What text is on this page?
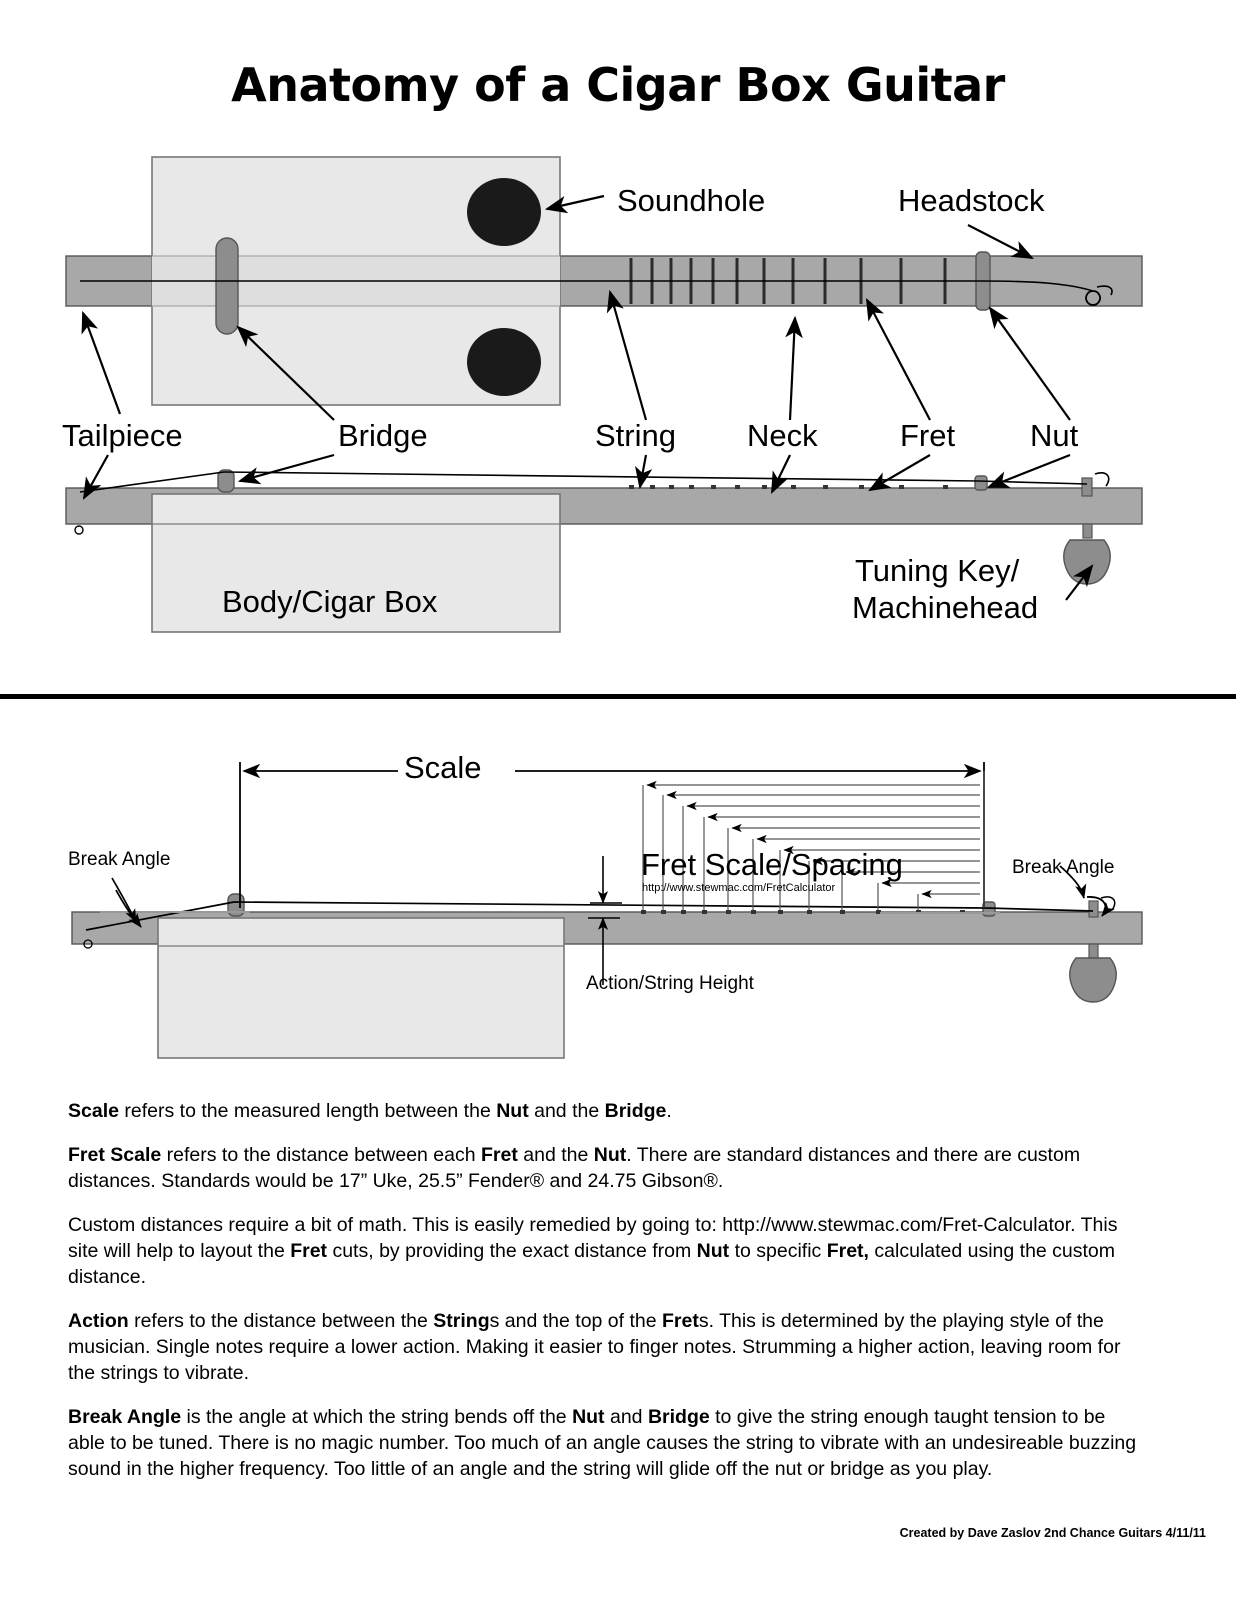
Anatomy of a Cigar Box Guitar
Soundhole	Headstock
Tailpiece	Bridge	String Neck	Fret Nut
Body/Cigar Box
Tuning Key/
Machinehead
Scale
Break Angle	Break Angle
Fret Scale/Spacing
http://www.stewmac.com/FretCalculator
Action/String Height

Scale refers to the measured length between the Nut and the Bridge.

Fret Scale refers to the distance between each Fret and the Nut. There are standard distances and there are custom distances. Standards would be 17” Uke, 25.5” Fender® and 24.75 Gibson®.

Custom distances require a bit of math. This is easily remedied by going to: http://www.stewmac.com/Fret-Calculator. This site will help to layout the Fret cuts, by providing the exact distance from Nut to specific Fret, calculated using the custom distance.

Action refers to the distance between the Strings and the top of the Frets. This is determined by the playing style of the musician. Single notes require a lower action. Making it easier to finger notes. Strumming a higher action, leaving room for the strings to vibrate.

Break Angle is the angle at which the string bends off the Nut and Bridge to give the string enough taught tension to be able to be tuned. There is no magic number. Too much of an angle causes the string to vibrate with an undesireable buzzing sound in the higher frequency. Too little of an angle and the string will glide off the nut or bridge as you play.

Created by Dave Zaslov 2nd Chance Guitars 4/11/11
